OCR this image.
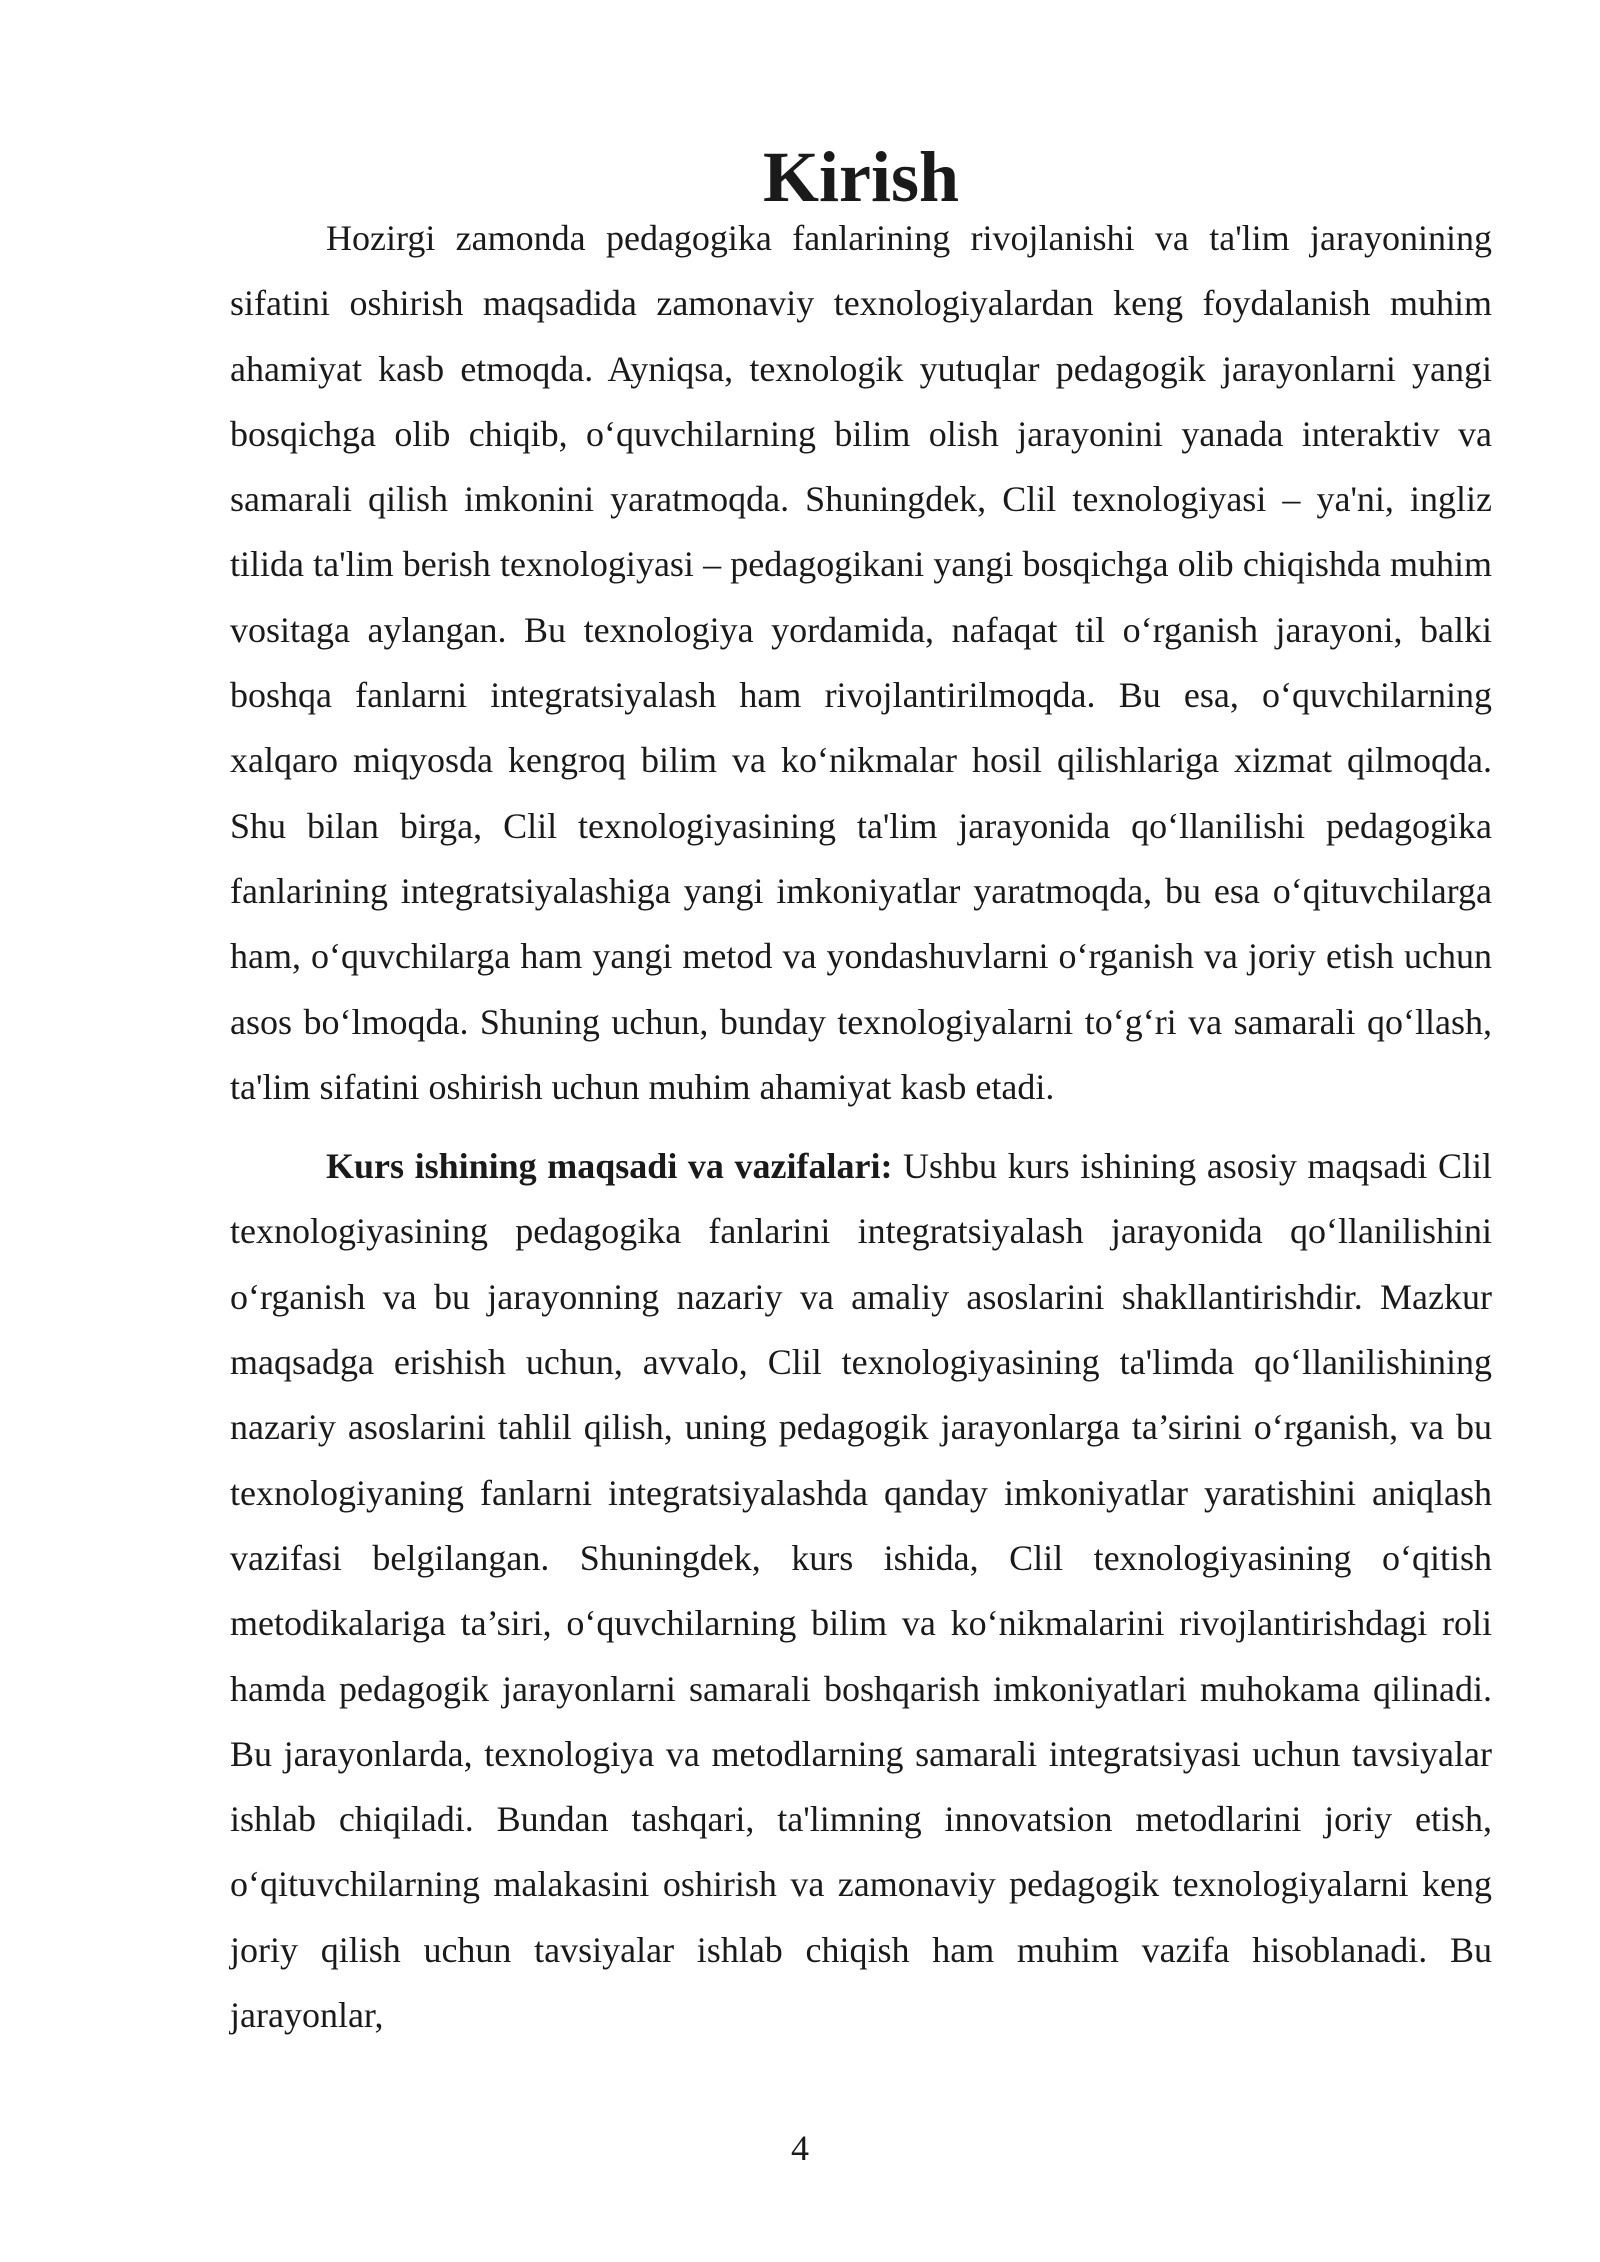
Kirish

Hozirgi zamonda pedagogika fanlarining rivojlanishi va ta'lim jarayonining sifatini oshirish maqsadida zamonaviy texnologiyalardan keng foydalanish muhim ahamiyat kasb etmoqda. Ayniqsa, texnologik yutuqlar pedagogik jarayonlarni yangi bosqichga olib chiqib, o‘quvchilarning bilim olish jarayonini yanada interaktiv va samarali qilish imkonini yaratmoqda. Shuningdek, Clil texnologiyasi – ya'ni, ingliz tilida ta'lim berish texnologiyasi – pedagogikani yangi bosqichga olib chiqishda muhim vositaga aylangan. Bu texnologiya yordamida, nafaqat til o‘rganish jarayoni, balki boshqa fanlarni integratsiyalash ham rivojlantirilmoqda. Bu esa, o‘quvchilarning xalqaro miqyosda kengroq bilim va ko‘nikmalar hosil qilishlariga xizmat qilmoqda. Shu bilan birga, Clil texnologiyasining ta'lim jarayonida qo‘llanilishi pedagogika fanlarining integratsiyalashiga yangi imkoniyatlar yaratmoqda, bu esa o‘qituvchilarga ham, o‘quvchilarga ham yangi metod va yondashuvlarni o‘rganish va joriy etish uchun asos bo‘lmoqda. Shuning uchun, bunday texnologiyalarni to‘g‘ri va samarali qo‘llash, ta'lim sifatini oshirish uchun muhim ahamiyat kasb etadi.

Kurs ishining maqsadi va vazifalari: Ushbu kurs ishining asosiy maqsadi Clil texnologiyasining pedagogika fanlarini integratsiyalash jarayonida qo‘llanilishini o‘rganish va bu jarayonning nazariy va amaliy asoslarini shakllantirishdir. Mazkur maqsadga erishish uchun, avvalo, Clil texnologiyasining ta'limda qo‘llanilishining nazariy asoslarini tahlil qilish, uning pedagogik jarayonlarga ta’sirini o‘rganish, va bu texnologiyaning fanlarni integratsiyalashda qanday imkoniyatlar yaratishini aniqlash vazifasi belgilangan. Shuningdek, kurs ishida, Clil texnologiyasining o‘qitish metodikalariga ta’siri, o‘quvchilarning bilim va ko‘nikmalarini rivojlantirishdagi roli hamda pedagogik jarayonlarni samarali boshqarish imkoniyatlari muhokama qilinadi. Bu jarayonlarda, texnologiya va metodlarning samarali integratsiyasi uchun tavsiyalar ishlab chiqiladi. Bundan tashqari, ta'limning innovatsion metodlarini joriy etish, o‘qituvchilarning malakasini oshirish va zamonaviy pedagogik texnologiyalarni keng joriy qilish uchun tavsiyalar ishlab chiqish ham muhim vazifa hisoblanadi. Bu jarayonlar,

4
